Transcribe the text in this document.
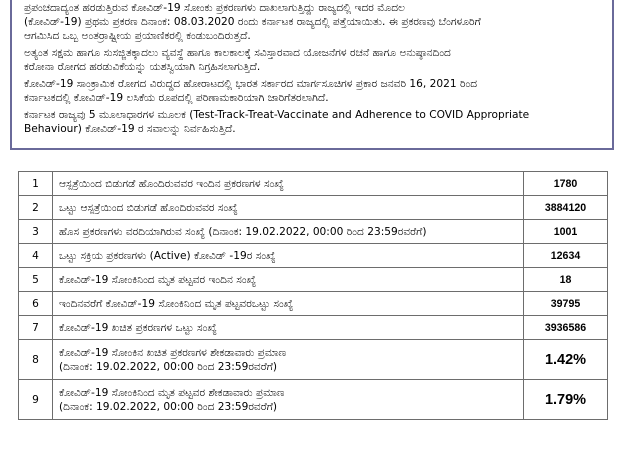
ಪ್ರಪಂಚದಾದ್ಯಂತ ಹರಡುತ್ತಿರುವ ಕೋವಿಡ್-19 ಸೋಂಕು ಪ್ರಕರಣಗಳು ದಾಖಲಾಗುತ್ತಿದ್ದು ರಾಜ್ಯದಲ್ಲಿ ಇದರ ಮೊದಲ

(ಕೋವಿಡ್-19) ಪ್ರಥಮ ಪ್ರಕರಣ ದಿನಾಂಕ: 08.03.2020 ರಂದು ಕರ್ನಾಟಕ ರಾಜ್ಯದಲ್ಲಿ ಪತ್ತೆಯಾಯಿತು. ಈ ಪ್ರಕರಣವು ಬೆಂಗಳೂರಿಗೆ

ಆಗಮಿಸಿದ ಒಬ್ಬ ಅಂತರ್ರಾಷ್ಟ್ರೀಯ ಪ್ರಯಾಣಿಕರಲ್ಲಿ ಕಂಡುಬಂದಿರುತ್ತದೆ.

ಅತ್ಯಂತ ಸಕ್ಷಮ ಹಾಗೂ ಸುಸಜ್ಜಿತಕ್ಕಾದಲು ವ್ಯವಸ್ಥೆ ಹಾಗೂ ಕಾಲಕಾಲಕ್ಕೆ ಸವಿಸ್ತಾರವಾದ ಯೋಜನೆಗಳ ರಚನೆ ಹಾಗೂ ಅನುಷ್ಠಾನದಿಂದ

ಕರೋನಾ ರೋಗದ ಹರಡುವಿಕೆಯನ್ನು ಯಶಸ್ವಿಯಾಗಿ ನಿಗ್ರಹಿಸಲಾಗುತ್ತಿದೆ.

ಕೋವಿಡ್-19 ಸಾಂಕ್ರಾಮಿಕ ರೋಗದ ವಿರುದ್ಧದ ಹೋರಾಟದಲ್ಲಿ ಭಾರತ ಸರ್ಕಾರದ ಮಾರ್ಗಸೂಚಿಗಳ ಪ್ರಕಾರ ಜನವರಿ 16, 2021 ರಿಂದ

ಕರ್ನಾಟಕದಲ್ಲಿ ಕೋವಿಡ್-19 ಲಸಿಕೆಯ ರೂಪದಲ್ಲಿ ಪರಿಣಾಮಕಾರಿಯಾಗಿ ಜಾರಿಗೆತರಲಾಗಿದೆ.

ಕರ್ನಾಟಕ ರಾಜ್ಯವು 5 ಮೂಲಾಧಾರಗಳ ಮೂಲಕ (Test-Track-Treat-Vaccinate and Adherence to COVID Appropriate

Behaviour) ಕೋವಿಡ್-19 ರ ಸವಾಲನ್ನು ನಿರ್ವಹಿಸುತ್ತಿದೆ.

1	ಆಸ್ಪತ್ರೆಯಿಂದ ಬಿಡುಗಡೆ ಹೊಂದಿರುವವರ ಇಂದಿನ ಪ್ರಕರಣಗಳ ಸಂಖ್ಯೆ	1780
2	ಒಟ್ಟು ಆಸ್ಪತ್ರೆಯಿಂದ ಬಿಡುಗಡೆ ಹೊಂದಿರುವವರ ಸಂಖ್ಯೆ	3884120
3	ಹೊಸ ಪ್ರಕರಣಗಳು ವರದಿಯಾಗಿರುವ ಸಂಖ್ಯೆ (ದಿನಾಂಕ: 19.02.2022, 00:00 ರಿಂದ 23:59ರವರೆಗೆ)	1001
4	ಒಟ್ಟು ಸಕ್ರಿಯ ಪ್ರಕರಣಗಳು (Active) ಕೋವಿಡ್ -19ರ ಸಂಖ್ಯೆ	12634
5	ಕೋವಿಡ್-19 ಸೋಂಕಿನಿಂದ ಮೃತ ಪಟ್ಟವರ ಇಂದಿನ ಸಂಖ್ಯೆ	18
6	ಇಂದಿನವರೆಗೆ ಕೋವಿಡ್-19 ಸೋಂಕಿನಿಂದ ಮೃತ ಪಟ್ಟವರಒಟ್ಟು ಸಂಖ್ಯೆ	39795
7	ಕೋವಿಡ್-19 ಖಚಿತ ಪ್ರಕರಣಗಳ ಒಟ್ಟು ಸಂಖ್ಯೆ	3936586
8	ಕೋವಿಡ್-19 ಸೋಂಕಿನ ಖಚಿತ ಪ್ರಕರಣಗಳ ಶೇಕಡಾವಾರು ಪ್ರಮಾಣ
(ದಿನಾಂಕ: 19.02.2022, 00:00 ರಿಂದ 23:59ರವರೆಗೆ)	1.42%
9	ಕೋವಿಡ್-19 ಸೋಂಕಿನಿಂದ ಮೃತ ಪಟ್ಟವರ ಶೇಕಡಾವಾರು ಪ್ರಮಾಣ
(ದಿನಾಂಕ: 19.02.2022, 00:00 ರಿಂದ 23:59ರವರೆಗೆ)	1.79%
